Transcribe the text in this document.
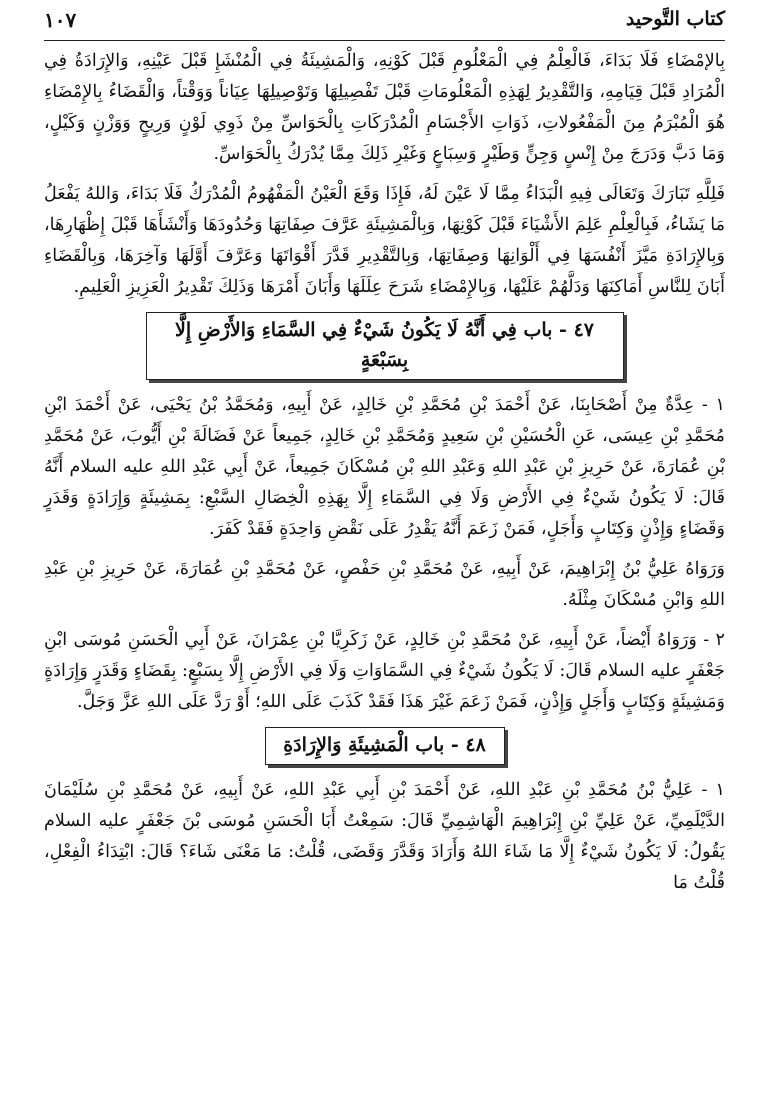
كتاب التَّوحيد
١٠٧

بِالإمْضَاءِ فَلَا بَدَاءَ، فَالْعِلْمُ فِي الْمَعْلُومِ قَبْلَ كَوْنِهِ، وَالْمَشِيئَةُ فِي الْمُنْشَإِ قَبْلَ عَيْنِهِ، وَالإِرَادَةُ فِي الْمُرَادِ قَبْلَ قِيَامِهِ، وَالتَّقْدِيرُ لِهَذِهِ الْمَعْلُومَاتِ قَبْلَ تَفْصِيلِهَا وَتَوْصِيلِهَا عِيَاناً وَوَقْتاً، وَالْقَضَاءُ بِالإِمْضَاءِ هُوَ الْمُبْرَمُ مِنَ الْمَفْعُولاتِ، ذَوَاتِ الأَجْسَامِ الْمُدْرَكَاتِ بِالْحَوَاسِّ مِنْ ذَوِي لَوْنٍ وَرِيحٍ وَوَزْنٍ وَكَيْلٍ، وَمَا دَبَّ وَدَرَجَ مِنْ إِنْسٍ وَجِنٍّ وَطَيْرٍ وَسِبَاعٍ وَغَيْرِ ذَلِكَ مِمَّا يُدْرَكُ بِالْحَوَاسِّ.

فَلِلَّهِ تَبَارَكَ وَتَعَالَى فِيهِ الْبَدَاءُ مِمَّا لَا عَيْنَ لَهُ، فَإِذَا وَقَعَ الْعَيْنُ الْمَفْهُومُ الْمُدْرَكُ فَلَا بَدَاءَ، وَاللهُ يَفْعَلُ مَا يَشَاءُ، فَبِالْعِلْمِ عَلِمَ الأَشْيَاءَ قَبْلَ كَوْنِهَا، وَبِالْمَشِيئَةِ عَرَّفَ صِفَاتِهَا وَحُدُودَهَا وَأَنْشَأَهَا قَبْلَ إِظْهَارِهَا، وَبِالإِرَادَةِ مَيَّزَ أَنْفُسَهَا فِي أَلْوَانِهَا وَصِفَاتِهَا، وَبِالتَّقْدِيرِ قَدَّرَ أَقْوَاتَهَا وَعَرَّفَ أَوَّلَهَا وَآخِرَهَا، وَبِالْقَضَاءِ أَبَانَ لِلنَّاسِ أَمَاكِنَهَا وَدَلَّهُمْ عَلَيْهَا، وَبِالإِمْضَاءِ شَرَحَ عِلَلَهَا وَأَبَانَ أَمْرَهَا وَذَلِكَ تَقْدِيرُ الْعَزِيزِ الْعَلِيمِ.

٤٧ - باب فِي أَنَّهُ لَا يَكُونُ شَيْءٌ فِي السَّمَاءِ وَالأَرْضِ إِلَّا بِسَبْعَةٍ

١ - عِدَّةٌ مِنْ أَصْحَابِنَا، عَنْ أَحْمَدَ بْنِ مُحَمَّدِ بْنِ خَالِدٍ، عَنْ أَبِيهِ، وَمُحَمَّدُ بْنُ يَحْيَى، عَنْ أَحْمَدَ ابْنِ مُحَمَّدِ بْنِ عِيسَى، عَنِ الْحُسَيْنِ بْنِ سَعِيدٍ وَمُحَمَّدِ بْنِ خَالِدٍ، جَمِيعاً عَنْ فَضَالَةَ بْنِ أَيُّوبَ، عَنْ مُحَمَّدِ بْنِ عُمَارَةَ، عَنْ حَرِيزِ بْنِ عَبْدِ اللهِ وَعَبْدِ اللهِ بْنِ مُسْكَانَ جَمِيعاً، عَنْ أَبِي عَبْدِ اللهِ عليه السلام أَنَّهُ قَالَ: لَا يَكُونُ شَيْءٌ فِي الأَرْضِ وَلَا فِي السَّمَاءِ إِلَّا بِهَذِهِ الْخِصَالِ السَّبْعِ: بِمَشِيئَةٍ وَإِرَادَةٍ وَقَدَرٍ وَقَضَاءٍ وَإِذْنٍ وَكِتَابٍ وَأَجَلٍ، فَمَنْ زَعَمَ أَنَّهُ يَقْدِرُ عَلَى نَقْضِ وَاحِدَةٍ فَقَدْ كَفَرَ.

وَرَوَاهُ عَلِيُّ بْنُ إِبْرَاهِيمَ، عَنْ أَبِيهِ، عَنْ مُحَمَّدِ بْنِ حَفْصٍ، عَنْ مُحَمَّدِ بْنِ عُمَارَةَ، عَنْ حَرِيزِ بْنِ عَبْدِ اللهِ وَابْنِ مُسْكَانَ مِثْلَهُ.

٢ - وَرَوَاهُ أَيْضاً، عَنْ أَبِيهِ، عَنْ مُحَمَّدِ بْنِ خَالِدٍ، عَنْ زَكَرِيَّا بْنِ عِمْرَانَ، عَنْ أَبِي الْحَسَنِ مُوسَى ابْنِ جَعْفَرٍ عليه السلام قَالَ: لَا يَكُونُ شَيْءٌ فِي السَّمَاوَاتِ وَلَا فِي الأَرْضِ إِلَّا بِسَبْعٍ: بِقَضَاءٍ وَقَدَرٍ وَإِرَادَةٍ وَمَشِيئَةٍ وَكِتَابٍ وَأَجَلٍ وَإِذْنٍ، فَمَنْ زَعَمَ غَيْرَ هَذَا فَقَدْ كَذَبَ عَلَى اللهِ؛ أَوْ رَدَّ عَلَى اللهِ عَزَّ وَجَلَّ.

٤٨ - باب الْمَشِيئَةِ وَالإِرَادَةِ

١ - عَلِيُّ بْنُ مُحَمَّدِ بْنِ عَبْدِ اللهِ، عَنْ أَحْمَدَ بْنِ أَبِي عَبْدِ اللهِ، عَنْ أَبِيهِ، عَنْ مُحَمَّدِ بْنِ سُلَيْمَانَ الدَّيْلَمِيِّ، عَنْ عَلِيِّ بْنِ إِبْرَاهِيمَ الْهَاشِمِيِّ قَالَ: سَمِعْتُ أَبَا الْحَسَنِ مُوسَى بْنَ جَعْفَرٍ عليه السلام يَقُولُ: لَا يَكُونُ شَيْءٌ إِلَّا مَا شَاءَ اللهُ وَأَرَادَ وَقَدَّرَ وَقَضَى، قُلْتُ: مَا مَعْنَى شَاءَ؟ قَالَ: ابْتِدَاءُ الْفِعْلِ، قُلْتُ مَا
